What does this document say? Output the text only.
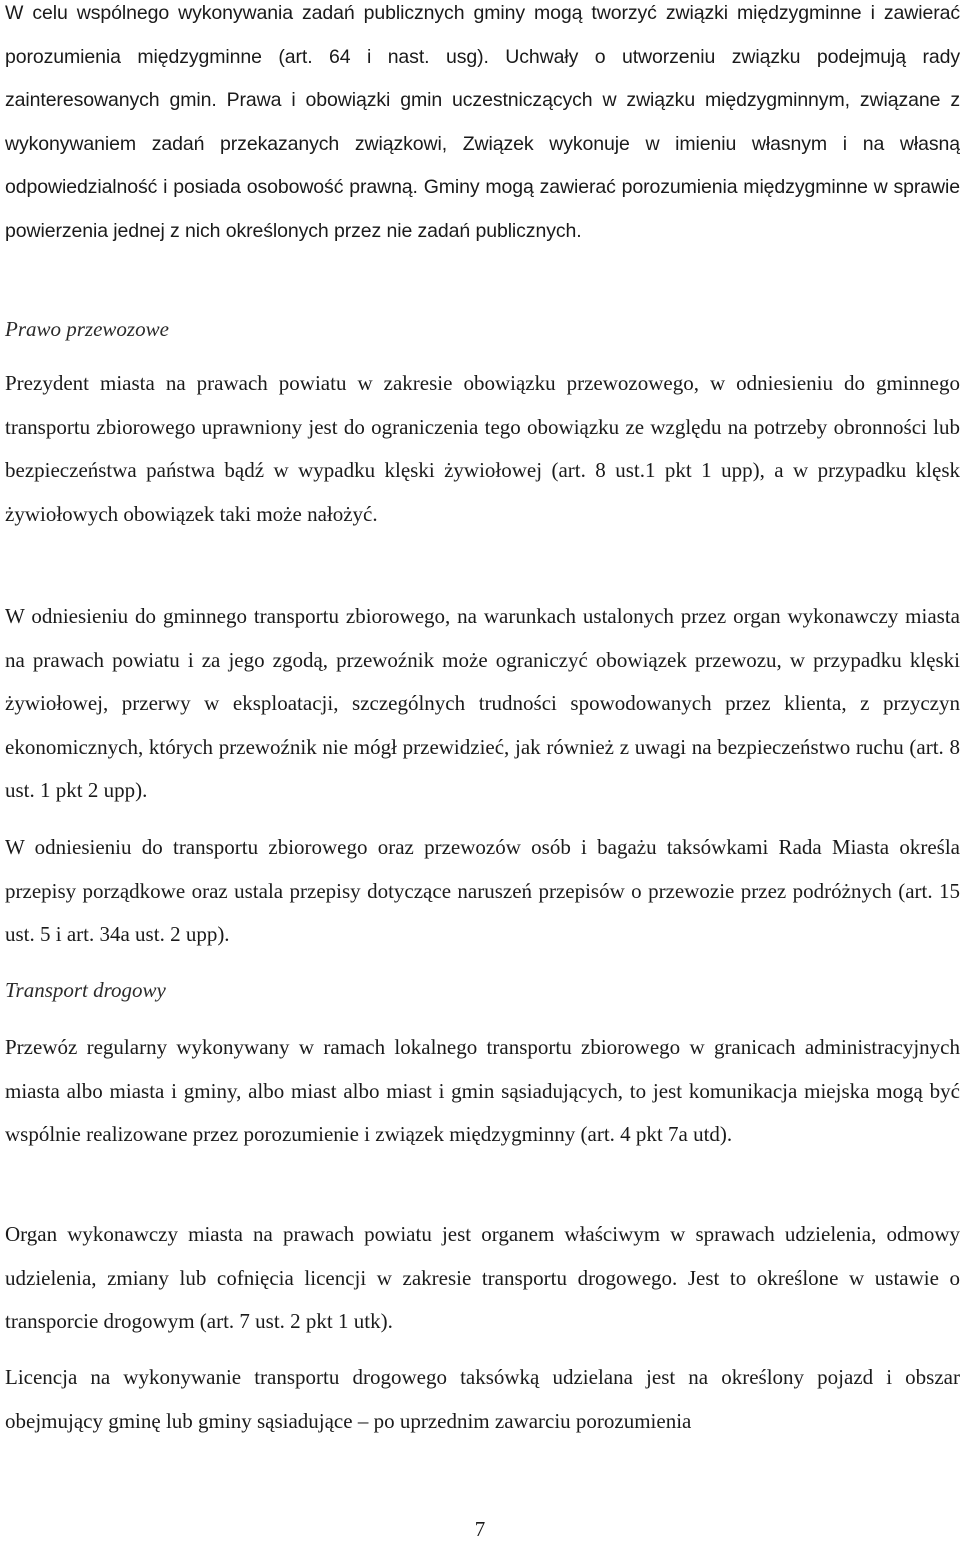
W celu wspólnego wykonywania zadań publicznych gminy mogą tworzyć związki międzygminne i zawierać porozumienia międzygminne (art. 64 i nast. usg). Uchwały o utworzeniu związku podejmują rady zainteresowanych gmin. Prawa i obowiązki gmin uczestniczących w związku międzygminnym, związane z wykonywaniem zadań przekazanych związkowi, Związek wykonuje w imieniu własnym i na własną odpowiedzialność i posiada osobowość prawną. Gminy mogą zawierać porozumienia międzygminne w sprawie powierzenia jednej z nich określonych przez nie zadań publicznych.

Prawo przewozowe

Prezydent miasta na prawach powiatu w zakresie obowiązku przewozowego, w odniesieniu do gminnego transportu zbiorowego uprawniony jest do ograniczenia tego obowiązku ze względu na potrzeby obronności lub bezpieczeństwa państwa bądź w wypadku klęski żywiołowej (art. 8 ust.1 pkt 1 upp), a w przypadku klęsk żywiołowych obowiązek taki może nałożyć.

W odniesieniu do gminnego transportu zbiorowego, na warunkach ustalonych przez organ wykonawczy miasta na prawach powiatu i za jego zgodą, przewoźnik może ograniczyć obowiązek przewozu, w przypadku klęski żywiołowej, przerwy w eksploatacji, szczególnych trudności spowodowanych przez klienta, z przyczyn ekonomicznych, których przewoźnik nie mógł przewidzieć, jak również z uwagi na bezpieczeństwo ruchu (art. 8 ust. 1 pkt 2 upp).

W odniesieniu do transportu zbiorowego oraz przewozów osób i bagażu taksówkami Rada Miasta określa przepisy porządkowe oraz ustala przepisy dotyczące naruszeń przepisów o przewozie przez podróżnych (art. 15 ust. 5 i art. 34a ust. 2 upp).

Transport drogowy

Przewóz regularny wykonywany w ramach lokalnego transportu zbiorowego w granicach administracyjnych miasta albo miasta i gminy, albo miast albo miast i gmin sąsiadujących, to jest komunikacja miejska mogą być wspólnie realizowane przez porozumienie i związek międzygminny (art. 4 pkt 7a utd).

Organ wykonawczy miasta na prawach powiatu jest organem właściwym w sprawach udzielenia, odmowy udzielenia, zmiany lub cofnięcia licencji w zakresie transportu drogowego. Jest to określone w ustawie o transporcie drogowym (art. 7 ust. 2 pkt 1 utk).

Licencja na wykonywanie transportu drogowego taksówką udzielana jest na określony pojazd i obszar obejmujący gminę lub gminy sąsiadujące – po uprzednim zawarciu porozumienia

7
